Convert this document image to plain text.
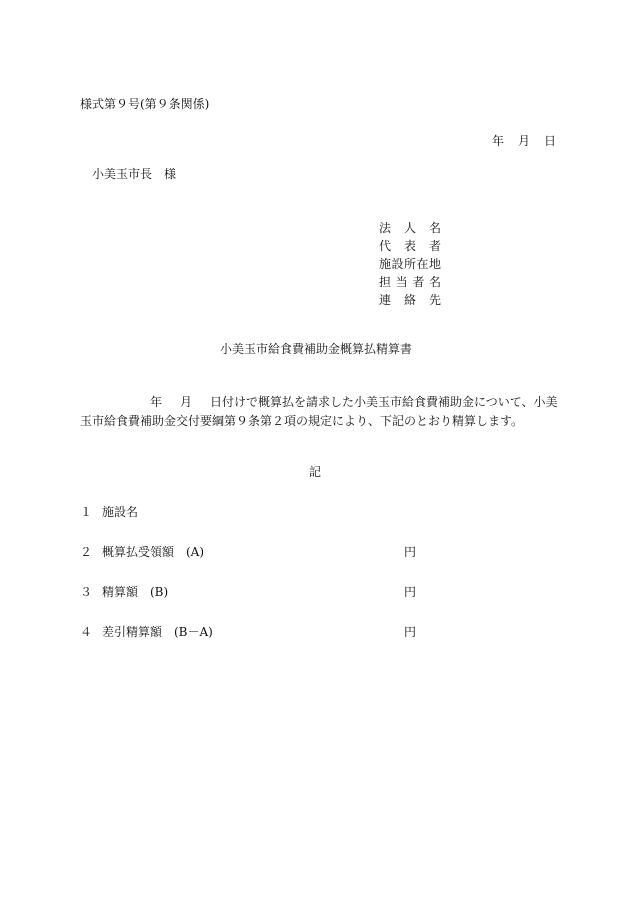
様式第９号(第９条関係)
年 月 日
小美玉市長　様
法 人 名
代 表 者
施 設 所 在 地
担 当 者 名
連 絡 先
小美玉市給食費補助金概算払精算書
年 月 日付けで概算払を請求した小美玉市給食費補助金について、小美
玉市給食費補助金交付要綱第９条第２項の規定により、下記のとおり精算します。
記
１ 施設名
２ 概算払受領額　(A)	円
３ 精算額　(B)	円
４ 差引精算額　(B－A)	円
